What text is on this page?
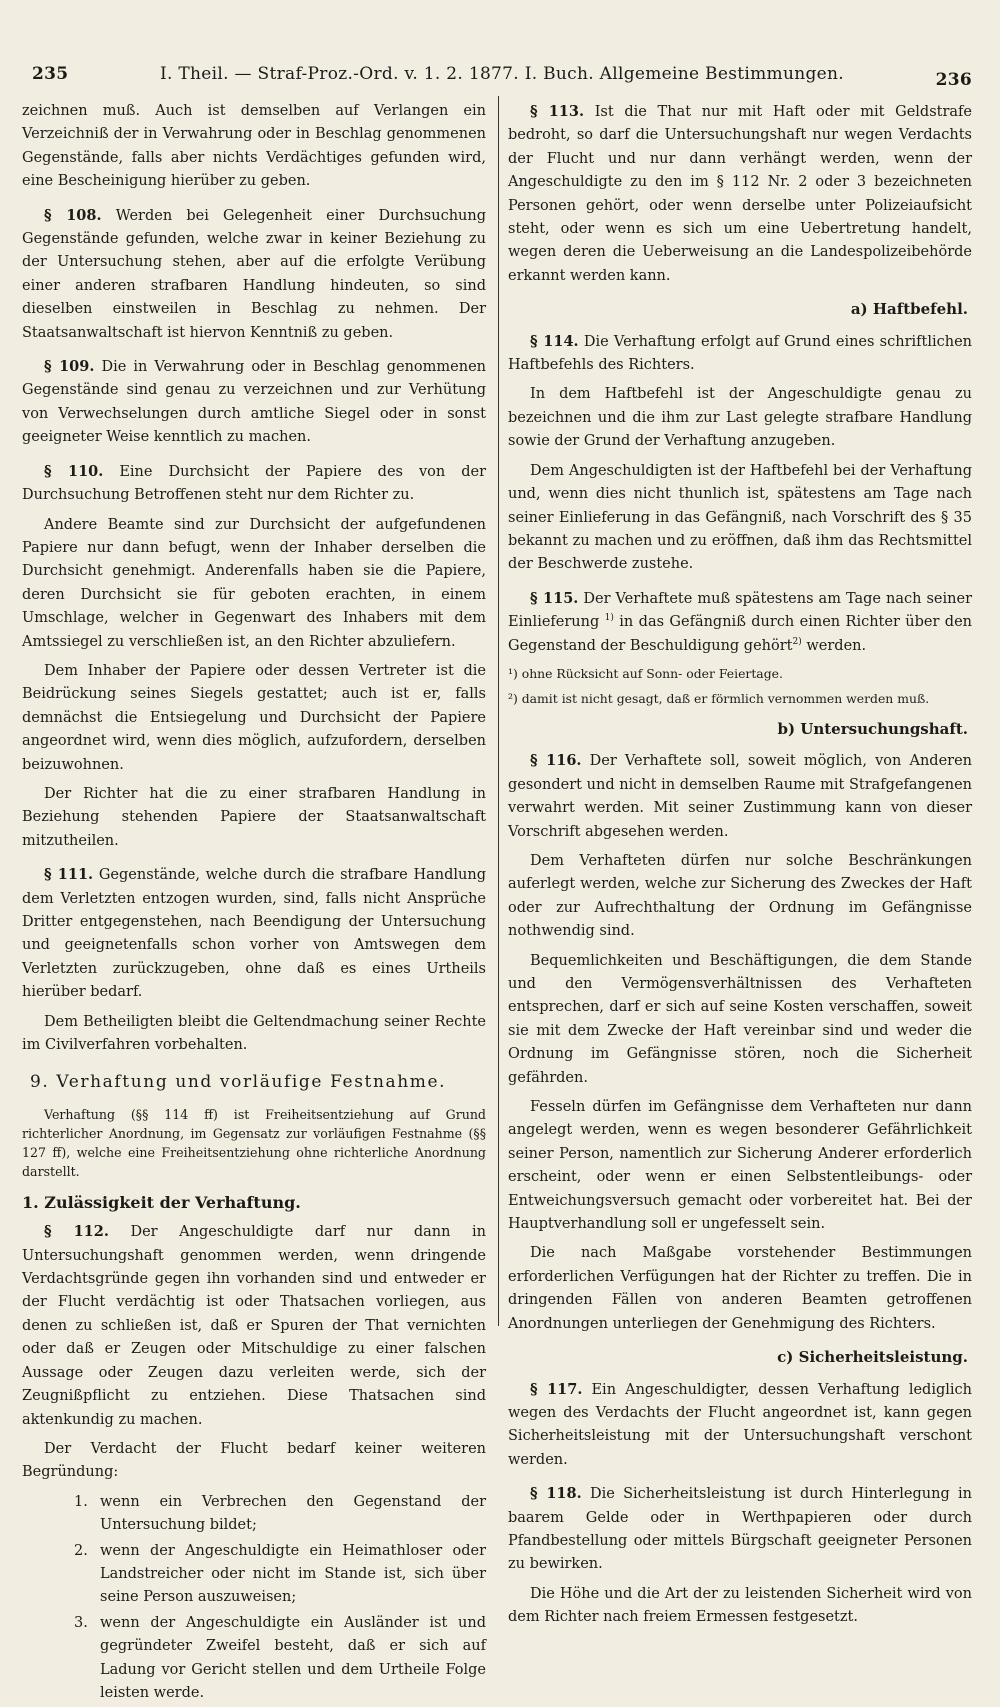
235	I. Theil. — Straf-Proz.-Ord. v. 1. 2. 1877. I. Buch. Allgemeine Bestimmungen.	236

zeichnen muß. Auch ist demselben auf Verlangen ein Verzeichniß der in Verwahrung oder in Beschlag genommenen Gegenstände, falls aber nichts Verdächtiges gefunden wird, eine Bescheinigung hierüber zu geben.

§ 108. Werden bei Gelegenheit einer Durchsuchung Gegenstände gefunden, welche zwar in keiner Beziehung zu der Untersuchung stehen, aber auf die erfolgte Verübung einer anderen strafbaren Handlung hindeuten, so sind dieselben einstweilen in Beschlag zu nehmen. Der Staatsanwaltschaft ist hiervon Kenntniß zu geben.

§ 109. Die in Verwahrung oder in Beschlag genommenen Gegenstände sind genau zu verzeichnen und zur Verhütung von Verwechselungen durch amtliche Siegel oder in sonst geeigneter Weise kenntlich zu machen.

§ 110. Eine Durchsicht der Papiere des von der Durchsuchung Betroffenen steht nur dem Richter zu.

Andere Beamte sind zur Durchsicht der aufgefundenen Papiere nur dann befugt, wenn der Inhaber derselben die Durchsicht genehmigt. Anderenfalls haben sie die Papiere, deren Durchsicht sie für geboten erachten, in einem Umschlage, welcher in Gegenwart des Inhabers mit dem Amtssiegel zu verschließen ist, an den Richter abzuliefern.

Dem Inhaber der Papiere oder dessen Vertreter ist die Beidrückung seines Siegels gestattet; auch ist er, falls demnächst die Entsiegelung und Durchsicht der Papiere angeordnet wird, wenn dies möglich, aufzufordern, derselben beizuwohnen.

Der Richter hat die zu einer strafbaren Handlung in Beziehung stehenden Papiere der Staatsanwaltschaft mitzutheilen.

§ 111. Gegenstände, welche durch die strafbare Handlung dem Verletzten entzogen wurden, sind, falls nicht Ansprüche Dritter entgegenstehen, nach Beendigung der Untersuchung und geeignetenfalls schon vorher von Amtswegen dem Verletzten zurückzugeben, ohne daß es eines Urtheils hierüber bedarf.

Dem Betheiligten bleibt die Geltendmachung seiner Rechte im Civilverfahren vorbehalten.

9. Verhaftung und vorläufige Festnahme.

Verhaftung (§§ 114 ff) ist Freiheitsentziehung auf Grund richterlicher Anordnung, im Gegensatz zur vorläufigen Festnahme (§§ 127 ff), welche eine Freiheitsentziehung ohne richterliche Anordnung darstellt.

1. Zulässigkeit der Verhaftung.

§ 112. Der Angeschuldigte darf nur dann in Untersuchungshaft genommen werden, wenn dringende Verdachtsgründe gegen ihn vorhanden sind und entweder er der Flucht verdächtig ist oder Thatsachen vorliegen, aus denen zu schließen ist, daß er Spuren der That vernichten oder daß er Zeugen oder Mitschuldige zu einer falschen Aussage oder Zeugen dazu verleiten werde, sich der Zeugnißpflicht zu entziehen. Diese Thatsachen sind aktenkundig zu machen.

Der Verdacht der Flucht bedarf keiner weiteren Begründung:

1. wenn ein Verbrechen den Gegenstand der Untersuchung bildet;
2. wenn der Angeschuldigte ein Heimathloser oder Landstreicher oder nicht im Stande ist, sich über seine Person auszuweisen;
3. wenn der Angeschuldigte ein Ausländer ist und gegründeter Zweifel besteht, daß er sich auf Ladung vor Gericht stellen und dem Urtheile Folge leisten werde.

§ 113. Ist die That nur mit Haft oder mit Geldstrafe bedroht, so darf die Untersuchungshaft nur wegen Verdachts der Flucht und nur dann verhängt werden, wenn der Angeschuldigte zu den im § 112 Nr. 2 oder 3 bezeichneten Personen gehört, oder wenn derselbe unter Polizeiaufsicht steht, oder wenn es sich um eine Uebertretung handelt, wegen deren die Ueberweisung an die Landespolizeibehörde erkannt werden kann.

a) Haftbefehl.

§ 114. Die Verhaftung erfolgt auf Grund eines schriftlichen Haftbefehls des Richters.

In dem Haftbefehl ist der Angeschuldigte genau zu bezeichnen und die ihm zur Last gelegte strafbare Handlung sowie der Grund der Verhaftung anzugeben.

Dem Angeschuldigten ist der Haftbefehl bei der Verhaftung und, wenn dies nicht thunlich ist, spätestens am Tage nach seiner Einlieferung in das Gefängniß, nach Vorschrift des § 35 bekannt zu machen und zu eröffnen, daß ihm das Rechtsmittel der Beschwerde zustehe.

§ 115. Der Verhaftete muß spätestens am Tage nach seiner Einlieferung $^{1)}$ in das Gefängniß durch einen Richter über den Gegenstand der Beschuldigung gehört$^{2)}$ werden.

¹) ohne Rücksicht auf Sonn- oder Feiertage.

²) damit ist nicht gesagt, daß er förmlich vernommen werden muß.

b) Untersuchungshaft.

§ 116. Der Verhaftete soll, soweit möglich, von Anderen gesondert und nicht in demselben Raume mit Strafgefangenen verwahrt werden. Mit seiner Zustimmung kann von dieser Vorschrift abgesehen werden.

Dem Verhafteten dürfen nur solche Beschränkungen auferlegt werden, welche zur Sicherung des Zweckes der Haft oder zur Aufrechthaltung der Ordnung im Gefängnisse nothwendig sind.

Bequemlichkeiten und Beschäftigungen, die dem Stande und den Vermögensverhältnissen des Verhafteten entsprechen, darf er sich auf seine Kosten verschaffen, soweit sie mit dem Zwecke der Haft vereinbar sind und weder die Ordnung im Gefängnisse stören, noch die Sicherheit gefährden.

Fesseln dürfen im Gefängnisse dem Verhafteten nur dann angelegt werden, wenn es wegen besonderer Gefährlichkeit seiner Person, namentlich zur Sicherung Anderer erforderlich erscheint, oder wenn er einen Selbstentleibungs- oder Entweichungsversuch gemacht oder vorbereitet hat. Bei der Hauptverhandlung soll er ungefesselt sein.

Die nach Maßgabe vorstehender Bestimmungen erforderlichen Verfügungen hat der Richter zu treffen. Die in dringenden Fällen von anderen Beamten getroffenen Anordnungen unterliegen der Genehmigung des Richters.

c) Sicherheitsleistung.

§ 117. Ein Angeschuldigter, dessen Verhaftung lediglich wegen des Verdachts der Flucht angeordnet ist, kann gegen Sicherheitsleistung mit der Untersuchungshaft verschont werden.

§ 118. Die Sicherheitsleistung ist durch Hinterlegung in baarem Gelde oder in Werthpapieren oder durch Pfandbestellung oder mittels Bürgschaft geeigneter Personen zu bewirken.

Die Höhe und die Art der zu leistenden Sicherheit wird von dem Richter nach freiem Ermessen festgesetzt.
